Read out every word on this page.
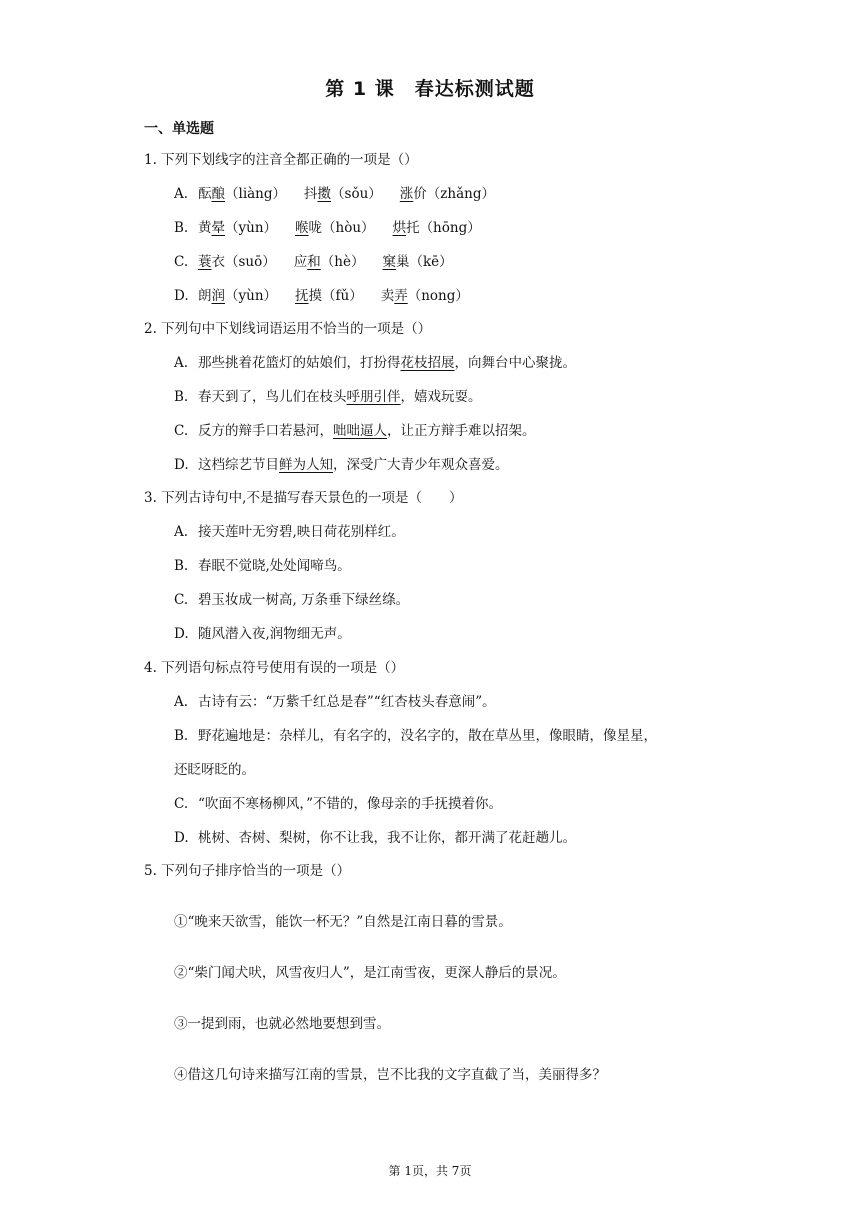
第 1 课　春达标测试题
一、单选题
1. 下列下划线字的注音全都正确的一项是（）
A. 酝酿（liàng） 抖擞（sǒu） 涨价（zhǎng）
B. 黄晕（yùn） 喉咙（hòu） 烘托（hōng）
C. 蓑衣（suō） 应和（hè） 窠巢（kē）
D. 朗润（yùn） 抚摸（fǔ） 卖弄（nong）
2. 下列句中下划线词语运用不恰当的一项是（）
A. 那些挑着花篮灯的姑娘们，打扮得花枝招展，向舞台中心聚拢。
B. 春天到了，鸟儿们在枝头呼朋引伴，嬉戏玩耍。
C. 反方的辩手口若悬河，咄咄逼人，让正方辩手难以招架。
D. 这档综艺节目鲜为人知，深受广大青少年观众喜爱。
3. 下列古诗句中,不是描写春天景色的一项是（　　）
A. 接天莲叶无穷碧,映日荷花别样红。
B. 春眠不觉晓,处处闻啼鸟。
C. 碧玉妆成一树高, 万条垂下绿丝绦。
D. 随风潜入夜,润物细无声。
4. 下列语句标点符号使用有误的一项是（）
A. 古诗有云：“万紫千红总是春”“红杏枝头春意闹”。
B. 野花遍地是：杂样儿，有名字的，没名字的，散在草丛里，像眼睛，像星星，
还眨呀眨的。
C. “吹面不寒杨柳风，”不错的，像母亲的手抚摸着你。
D. 桃树、杏树、梨树，你不让我，我不让你，都开满了花赶趟儿。
5. 下列句子排序恰当的一项是（）
①“晚来天欲雪，能饮一杯无？”自然是江南日暮的雪景。
②“柴门闻犬吠，风雪夜归人”，是江南雪夜，更深人静后的景况。
③一提到雨，也就必然地要想到雪。
④借这几句诗来描写江南的雪景，岂不比我的文字直截了当，美丽得多？
第 1页，共 7页
